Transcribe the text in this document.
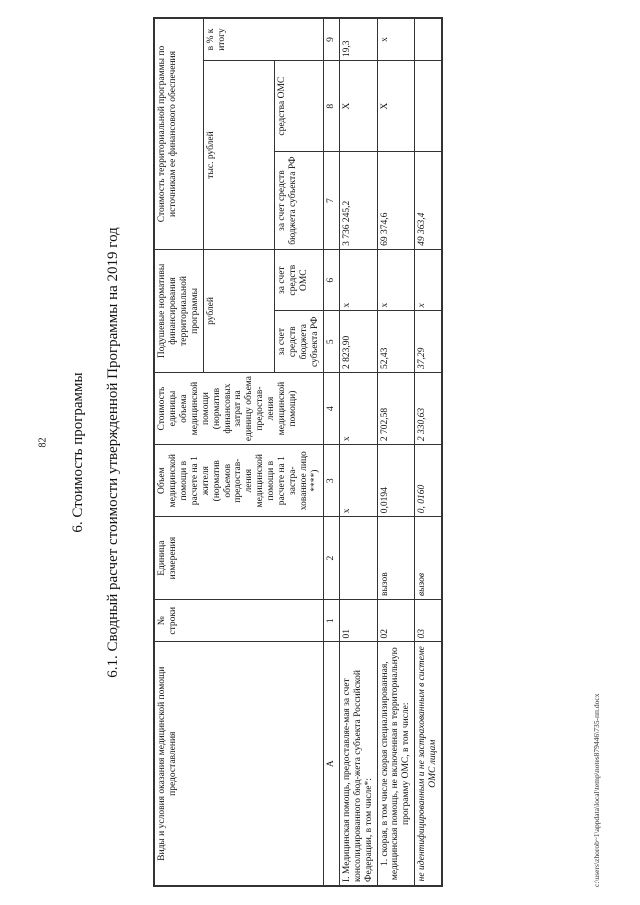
82 6. Стоимость программы 6.1. Сводный расчет стоимости утвержденной Программы на 2019 год
Виды и условия оказания медицинской помощи предоставления	№ строки	Единица измерения	Объем медицинской помощи в расчете на 1 жителя (норматив объемов предостав-ления медицинской помощи в расчете на 1 застра-хованное лицо ****)	Стоимость единицы объема медицинской помощи (норматив финансовых затрат на единицу объема предостав-ления медицинской помощи)	Подушевые нормативы финансирования территориальной программы		Стоимость территориальной программы по источникам ее финансового обеспечения		
					рублей		тыс. рублей		в % к итогу
					за счет средств бюджета субъекта РФ	за счет средств ОМС	за счет средств бюджета субъекта РФ	средства ОМС	
А	1	2	3	4	5	6	7	8	9
I. Медицинская помощь, предоставляе-мая за счет консолидированного бюд-жета субъекта Российской Федерации, в том числе*:	01		х	х	2 823,90	х	3 736 245,2	Х	19,3
1. скорая, в том числе скорая специализированная, медицинская помощь, не включенная в территориальную программу ОМС, в том числе:	02	вызов	0,0194	2 702,58	52,43	х	69 374,6	Х	х
не идентифицированным и не застрахованным в системе ОМС лицам	03	вызов	0, 0160	2 330,63	37,29	х	49 363,4		
c:\users\zhorob~1\appdata\local\temp\notes879446\735-пп.docx
